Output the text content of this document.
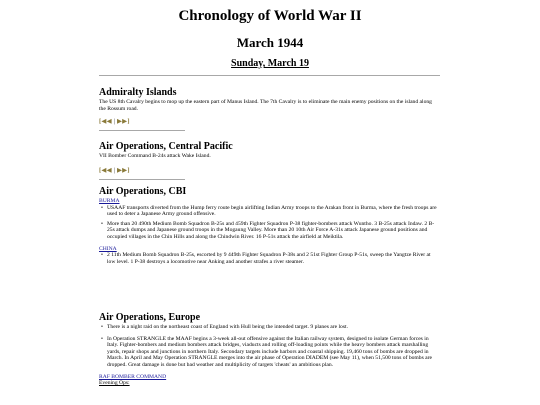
Chronology of World War II
March 1944
Sunday, March 19
Admiralty Islands

The US 8th Cavalry begins to mop up the eastern part of Manus Island. The 7th Cavalry is to eliminate the main enemy positions on the island along the Rossum road.

[◀◀ | ▶▶]
Air Operations, Central Pacific

VII Bomber Command B-24s attack Wake Island.

[◀◀ | ▶▶]
Air Operations, CBI

BURMA

• USAAF transports diverted from the Hump ferry route begin airlifting Indian Army troops to the Arakan front in Burma, where the fresh troops are used to deter a Japanese Army ground offensive.

• More than 20 490th Medium Bomb Squadron B-25s and 459th Fighter Squadron P-38 fighter-bombers attack Wuntho. 3 B-25s attack Indaw. 2 B-25s attack dumps and Japanese ground troops in the Mogaung Valley. More than 20 10th Air Force A-31s attack Japanese ground positions and occupied villages in the Chin Hills and along the Chindwin River. 16 P-51s attack the airfield at Meiktila.

CHINA

• 2 11th Medium Bomb Squadron B-25s, escorted by 9 449th Fighter Squadron P-38s and 2 51st Fighter Group P-51s, sweep the Yangtze River at low level. 1 P-38 destroys a locomotive near Anking and another strafes a river steamer.

Air Operations, Europe

• There is a night raid on the northeast coast of England with Hull being the intended target. 9 planes are lost.

• In Operation STRANGLE the MAAF begins a 3-week all-out offensive against the Italian railway system, designed to isolate German forces in Italy. Fighter-bombers and medium bombers attack bridges, viaducts and rolling off-loading points while the heavy bombers attack marshalling yards, repair shops and junctions in northern Italy. Secondary targets include harbors and coastal shipping. 19,460 tons of bombs are dropped in March. In April and May Operation STRANGLE merges into the air phase of Operation DIADEM (see May 11), when 51,500 tons of bombs are dropped. Great damage is done but bad weather and multiplicity of targets 'cheats' an ambitious plan.

RAF BOMBER COMMAND

Evening Ops:
